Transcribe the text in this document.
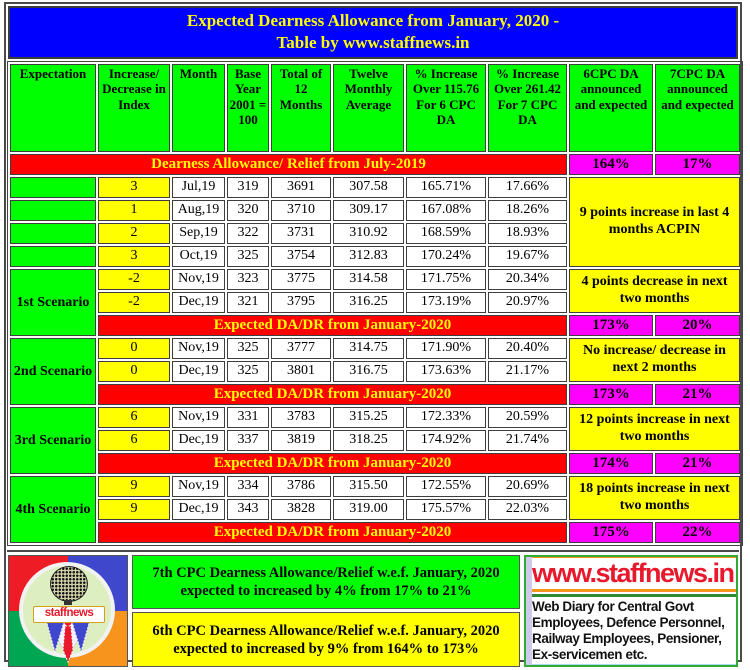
Expected Dearness Allowance from January, 2020 -
Table by www.staffnews.in
Expectation	Increase/ Decrease in Index	Month	Base Year 2001 = 100	Total of 12 Months	Twelve Monthly Average	% Increase Over 115.76 For 6 CPC DA	% Increase Over 261.42 For 7 CPC DA	6CPC DA announced and expected	7CPC DA announced and expected
Dearness Allowance/ Relief from July-2019								164%	17%
	3	Jul,19	319	3691	307.58	165.71%	17.66%	9 points increase in last 4 months ACPIN	
	1	Aug,19	320	3710	309.17	167.08%	18.26%		
	2	Sep,19	322	3731	310.92	168.59%	18.93%		
	3	Oct,19	325	3754	312.83	170.24%	19.67%		
1st Scenario	-2	Nov,19	323	3775	314.58	171.75%	20.34%	4 points decrease in next two months	
	-2	Dec,19	321	3795	316.25	173.19%	20.97%		
	Expected DA/DR from January-2020							173%	20%
2nd Scenario	0	Nov,19	325	3777	314.75	171.90%	20.40%	No increase/ decrease in next 2 months	
	0	Dec,19	325	3801	316.75	173.63%	21.17%		
	Expected DA/DR from January-2020							173%	21%
3rd Scenario	6	Nov,19	331	3783	315.25	172.33%	20.59%	12 points increase in next two months	
	6	Dec,19	337	3819	318.25	174.92%	21.74%		
	Expected DA/DR from January-2020							174%	21%
4th Scenario	9	Nov,19	334	3786	315.50	172.55%	20.69%	18 points increase in next two months	
	9	Dec,19	343	3828	319.00	175.57%	22.03%		
	Expected DA/DR from January-2020							175%	22%
staffnews
7th CPC Dearness Allowance/Relief w.e.f. January, 2020 expected to increased by 4% from 17% to 21%
6th CPC Dearness Allowance/Relief w.e.f. January, 2020 expected to increased by 9% from 164% to 173%
www.staffnews.in
Web Diary for Central Govt Employees, Defence Personnel, Railway Employees, Pensioner, Ex-servicemen etc.
